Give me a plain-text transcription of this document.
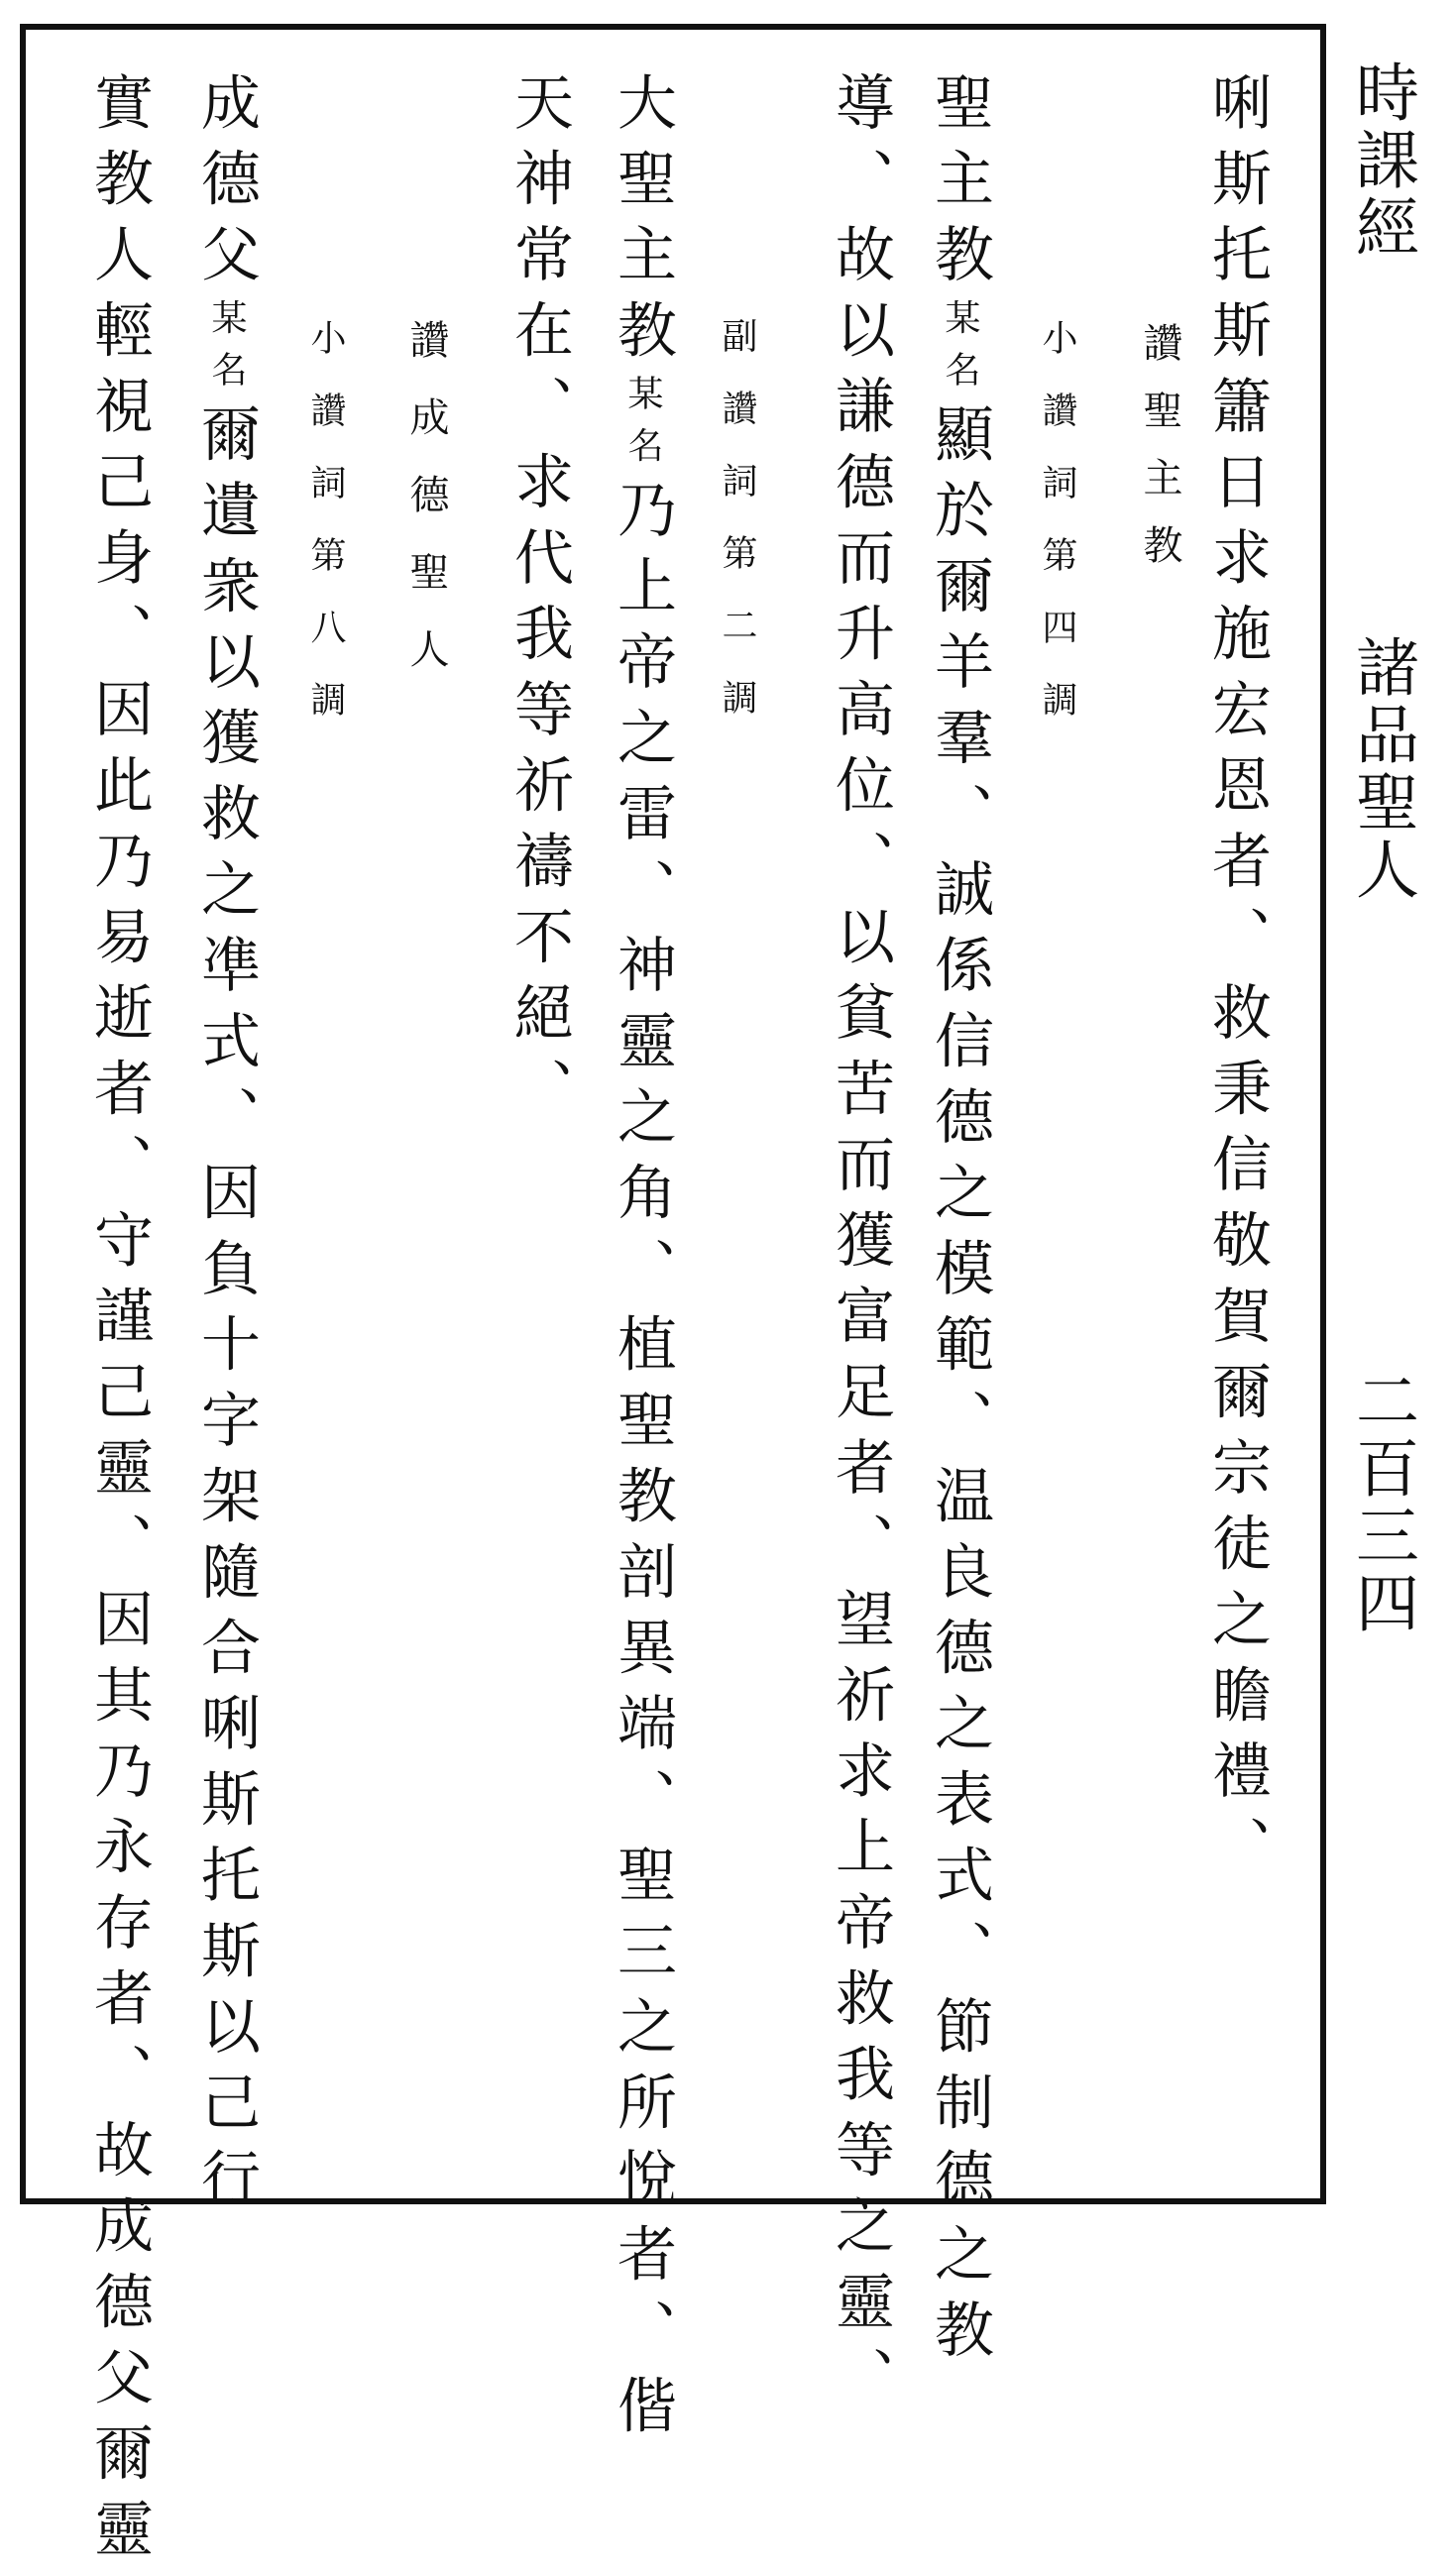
時課經
諸品聖人
二百三四
唎斯托斯簫日求施宏恩者、救秉信敬賀爾宗徒之瞻禮、
讚聖主教
小讚詞第四調
聖主教某名顯於爾羊羣、誠係信德之模範、温良德之表式、節制德之教
導、故以謙德而升高位、以貧苦而獲富足者、望祈求上帝救我等之靈、
副讚詞第二調
大聖主教某名乃上帝之雷、神靈之角、植聖教剖異端、聖三之所悅者、偕
天神常在、求代我等祈禱不絕、
讚成德聖人
小讚詞第八調
成德父某名爾遺衆以獲救之凖式、因負十字架隨合唎斯托斯以己行
實教人輕視己身、因此乃易逝者、守謹己靈、因其乃永存者、故成德父爾靈
